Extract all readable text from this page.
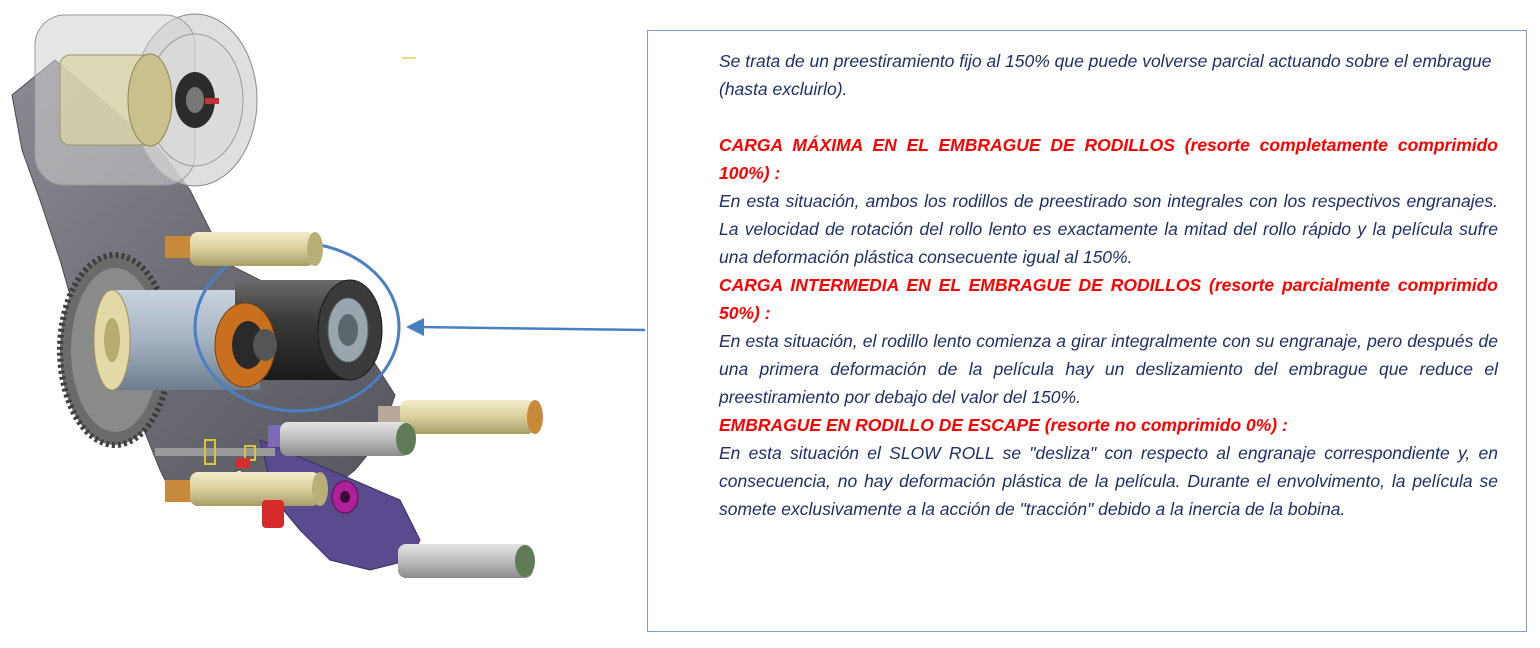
Se trata de un preestiramiento fijo al 150% que puede volverse parcial actuando sobre el embrague (hasta excluirlo).

CARGA MÁXIMA EN EL EMBRAGUE DE RODILLOS (resorte completamente comprimido 100%) :

En esta situación, ambos los rodillos de preestirado son integrales con los respectivos engranajes. La velocidad de rotación del rollo lento es exactamente la mitad del rollo rápido y la película sufre una deformación plástica consecuente igual al 150%.

CARGA INTERMEDIA EN EL EMBRAGUE DE RODILLOS (resorte parcialmente comprimido 50%) :

En esta situación, el rodillo lento comienza a girar integralmente con su engranaje, pero después de una primera deformación de la película hay un deslizamiento del embrague que reduce el preestiramiento por debajo del valor del 150%.

EMBRAGUE EN RODILLO DE ESCAPE (resorte no comprimido 0%) :

En esta situación el SLOW ROLL se "desliza" con respecto al engranaje correspondiente y, en consecuencia, no hay deformación plástica de la película. Durante el envolvimento, la película se somete exclusivamente a la acción de "tracción" debido a la inercia de la bobina.
